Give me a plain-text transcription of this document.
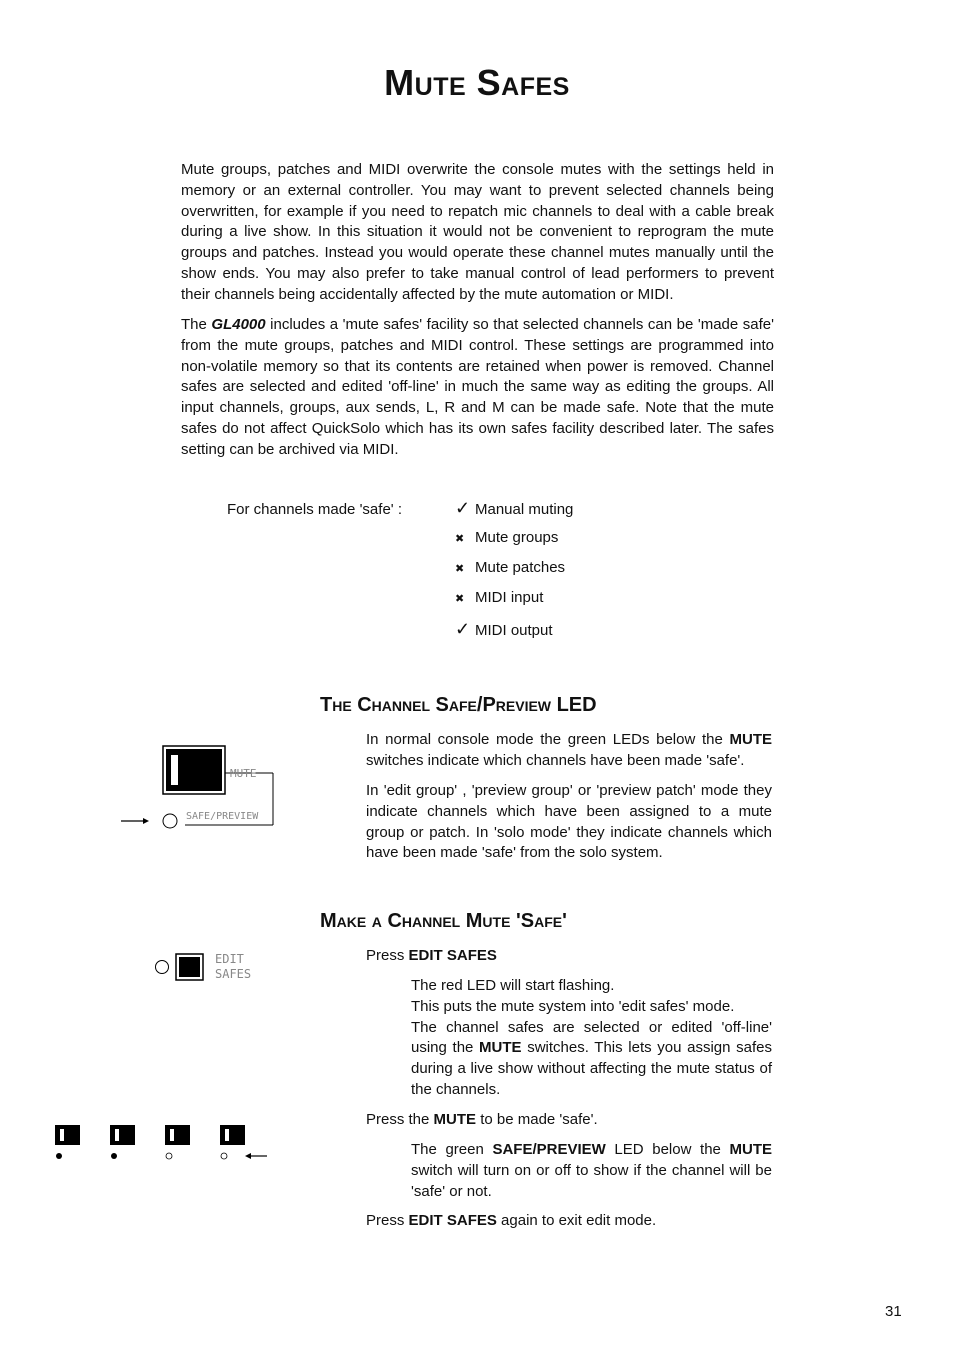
Mute Safes

Mute groups, patches and MIDI overwrite the console mutes with the settings held in memory or an external controller. You may want to prevent selected channels being overwritten, for example if you need to repatch mic channels to deal with a cable break during a live show. In this situation it would not be convenient to reprogram the mute groups and patches. Instead you would operate these channel mutes manually until the show ends. You may also prefer to take manual control of lead performers to prevent their channels being accidentally affected by the mute automation or MIDI.

The GL4000 includes a 'mute safes' facility so that selected channels can be 'made safe' from the mute groups, patches and MIDI control. These settings are programmed into non-volatile memory so that its contents are retained when power is removed. Channel safes are selected and edited 'off-line' in much the same way as editing the groups. All input channels, groups, aux sends, L, R and M can be made safe. Note that the mute safes do not affect QuickSolo which has its own safes facility described later. The safes setting can be archived via MIDI.

For channels made 'safe' :	✓ Manual muting
✖ Mute groups
✖ Mute patches
✖ MIDI input
✓ MIDI output
The Channel Safe/Preview LED
MUTE
SAFE/PREVIEW

In normal console mode the green LEDs below the MUTE switches indicate which channels have been made 'safe'.

In 'edit group' , 'preview group' or 'preview patch' mode they indicate channels which have been assigned to a mute group or patch. In 'solo mode' they indicate channels which have been made 'safe' from the solo system.

Make a Channel Mute 'Safe'
EDIT
SAFES
Press EDIT SAFES

The red LED will start flashing.

This puts the mute system into 'edit safes' mode.

The channel safes are selected or edited 'off-line' using the MUTE switches. This lets you assign safes during a live show without affecting the mute status of the channels.

Press the MUTE to be made 'safe'.

The green SAFE/PREVIEW LED below the MUTE switch will turn on or off to show if the channel will be 'safe' or not.

Press EDIT SAFES again to exit edit mode.
31
